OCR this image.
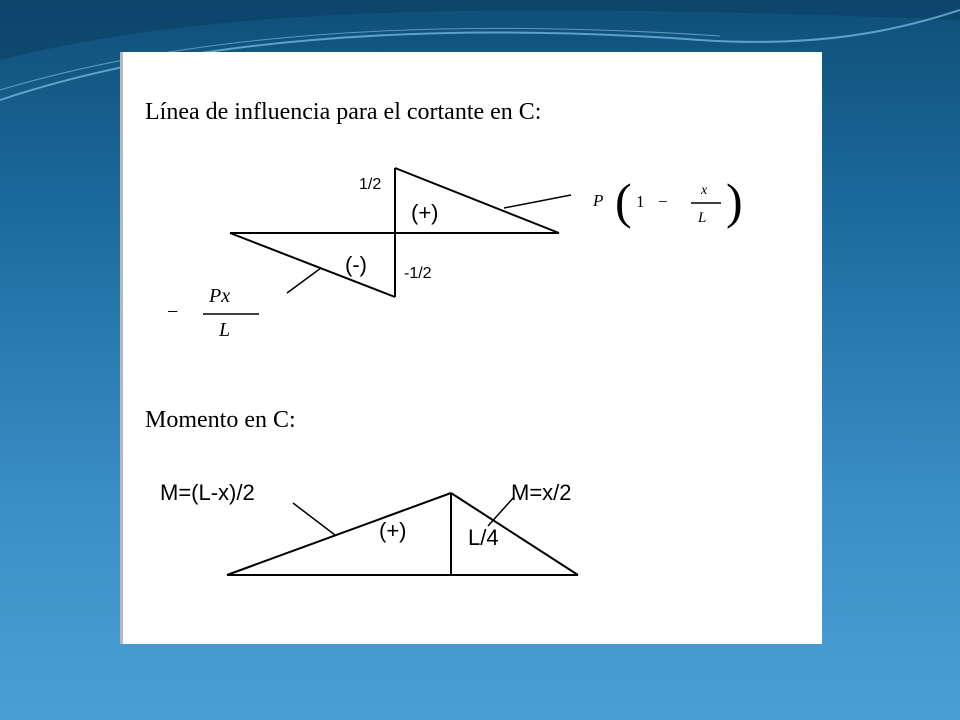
Línea de influencia para el cortante en C:
1/2
-1/2
(+)
(-)
P ( 1 −
x
L )
−
Px
L
Momento en C:
M=(L-x)/2	M=x/2
(+)	L/4
